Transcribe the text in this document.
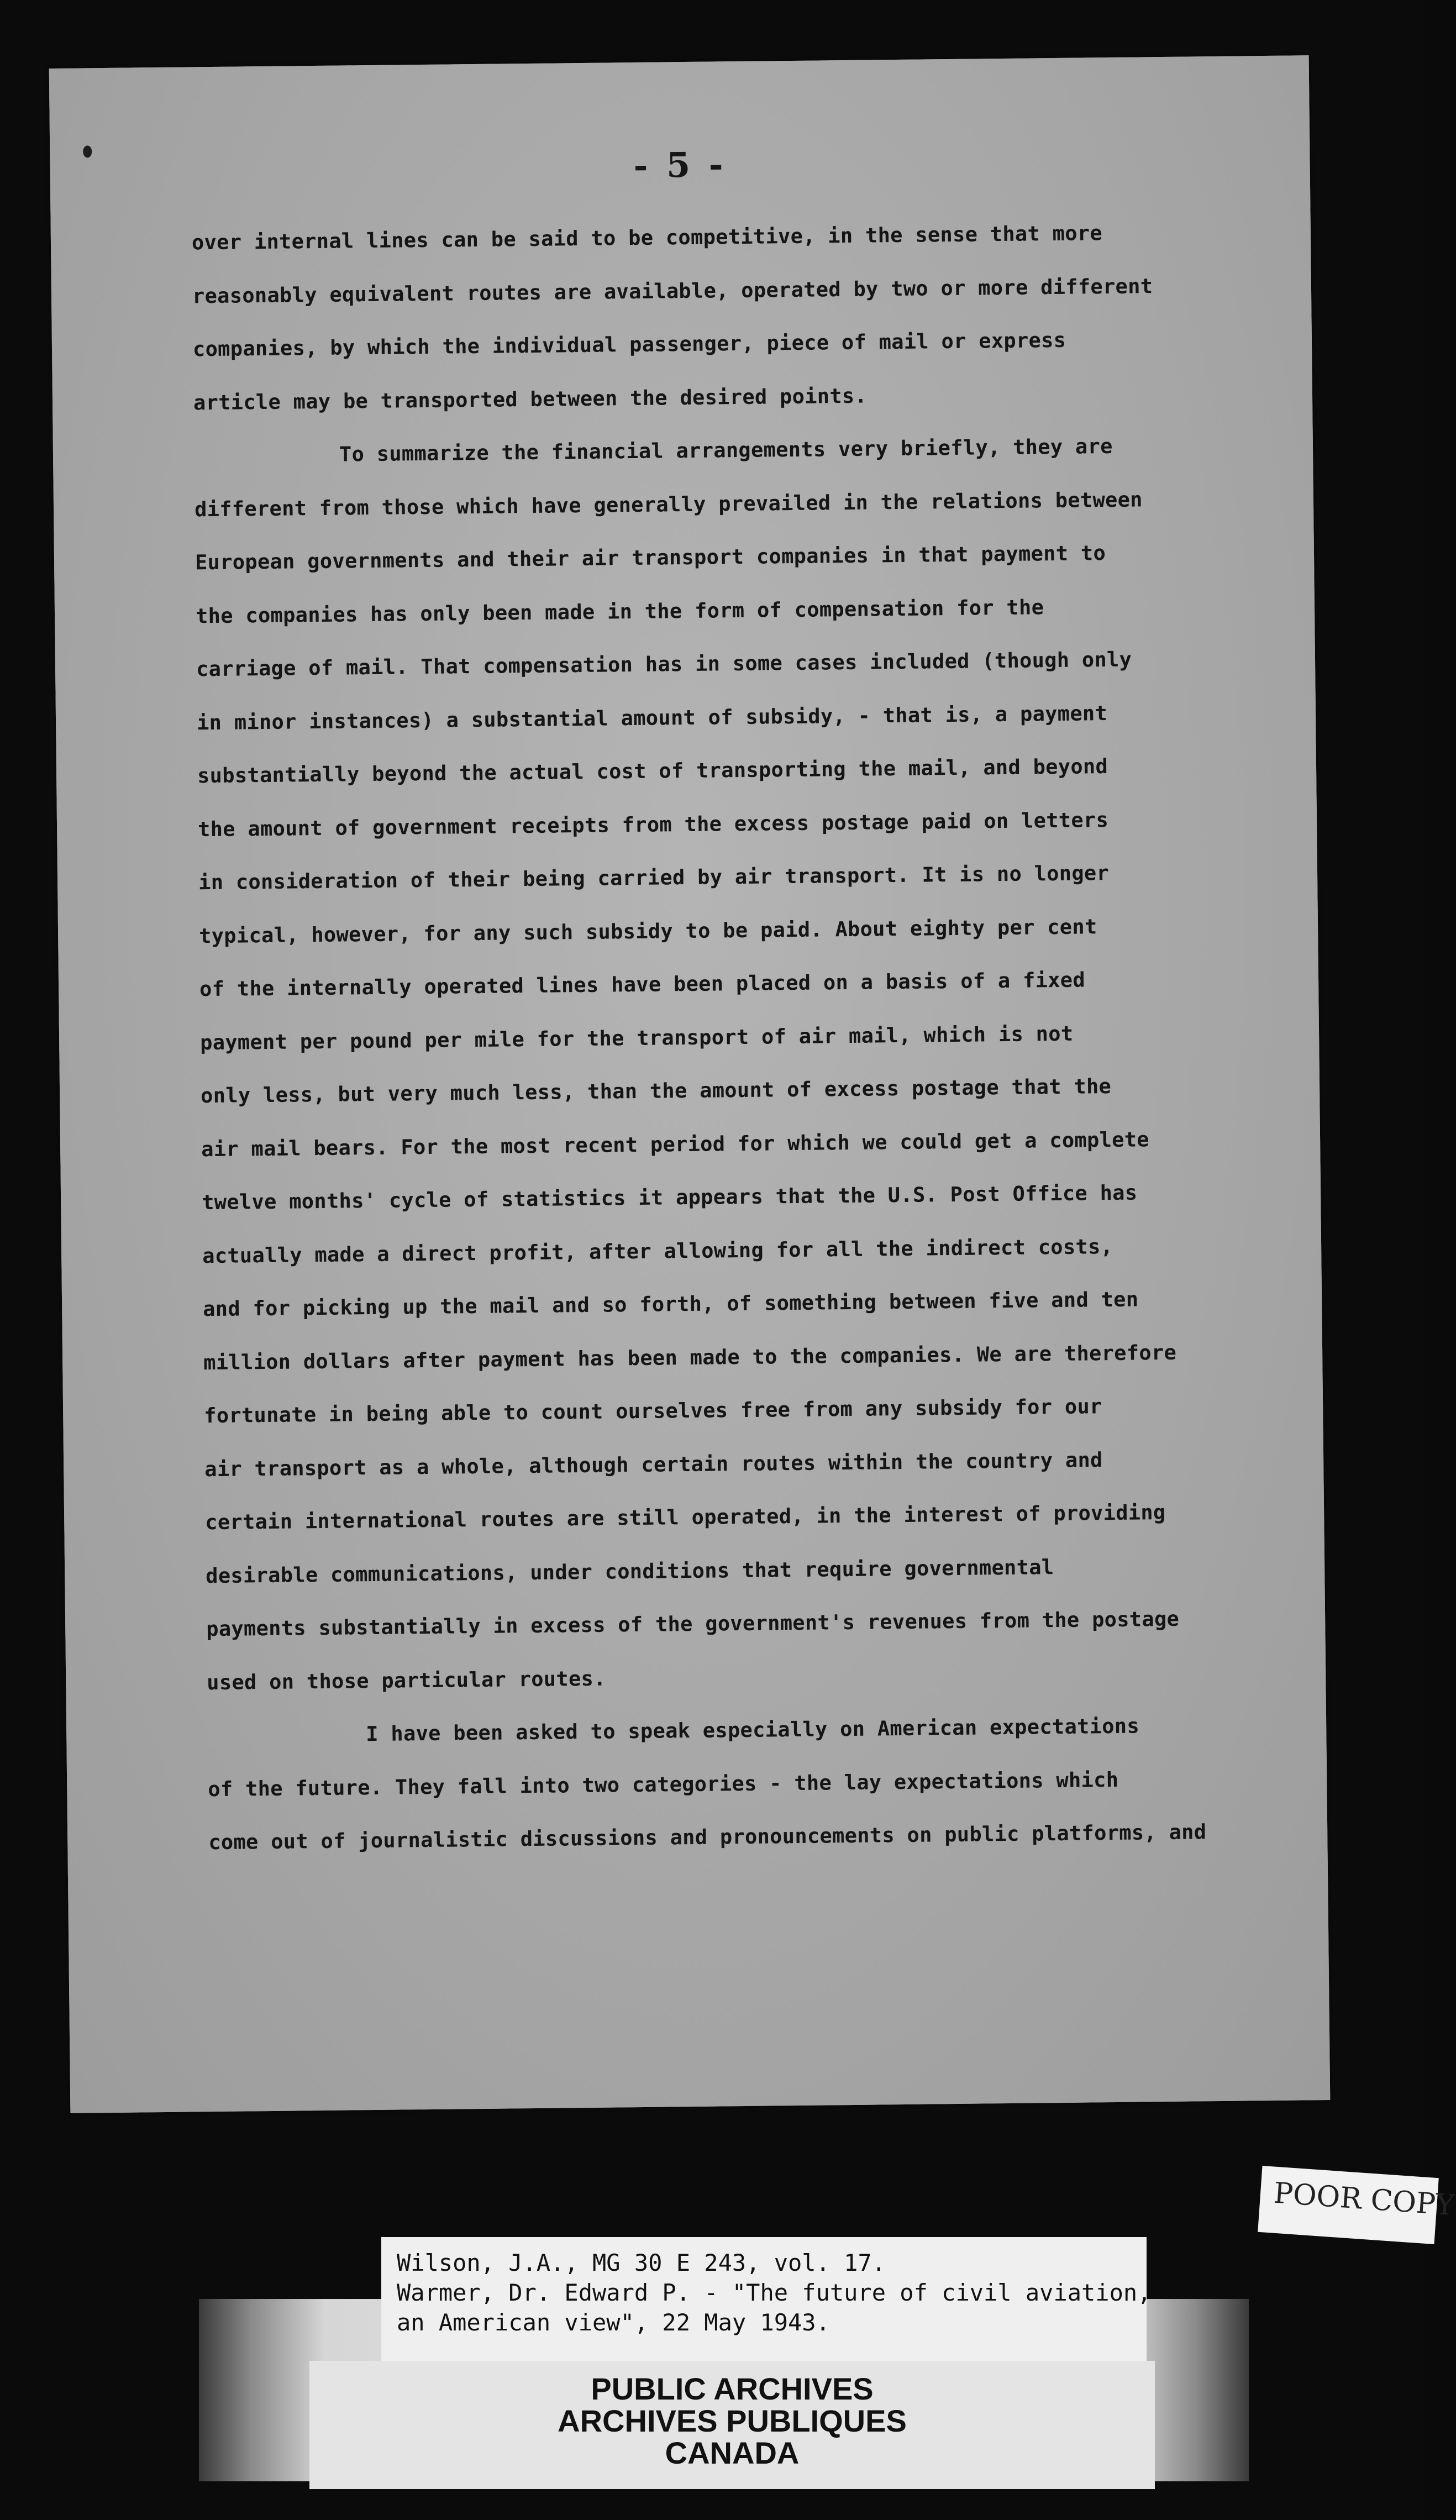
- 5 -
over internal lines can be said to be competitive, in the sense that more
reasonably equivalent routes are available, operated by two or more different
companies, by which the individual passenger, piece of mail or express
article may be transported between the desired points.
To summarize the financial arrangements very briefly, they are
different from those which have generally prevailed in the relations between
European governments and their air transport companies in that payment to
the companies has only been made in the form of compensation for the
carriage of mail. That compensation has in some cases included (though only
in minor instances) a substantial amount of subsidy, - that is, a payment
substantially beyond the actual cost of transporting the mail, and beyond
the amount of government receipts from the excess postage paid on letters
in consideration of their being carried by air transport. It is no longer
typical, however, for any such subsidy to be paid. About eighty per cent
of the internally operated lines have been placed on a basis of a fixed
payment per pound per mile for the transport of air mail, which is not
only less, but very much less, than the amount of excess postage that the
air mail bears. For the most recent period for which we could get a complete
twelve months' cycle of statistics it appears that the U.S. Post Office has
actually made a direct profit, after allowing for all the indirect costs,
and for picking up the mail and so forth, of something between five and ten
million dollars after payment has been made to the companies. We are therefore
fortunate in being able to count ourselves free from any subsidy for our
air transport as a whole, although certain routes within the country and
certain international routes are still operated, in the interest of providing
desirable communications, under conditions that require governmental
payments substantially in excess of the government's revenues from the postage
used on those particular routes.
I have been asked to speak especially on American expectations
of the future. They fall into two categories - the lay expectations which
come out of journalistic discussions and pronouncements on public platforms, and
POOR COPY
Wilson, J.A., MG 30 E 243, vol. 17.
Warmer, Dr. Edward P. - "The future of civil aviation,
an American view", 22 May 1943.
PUBLIC ARCHIVES
ARCHIVES PUBLIQUES
CANADA
